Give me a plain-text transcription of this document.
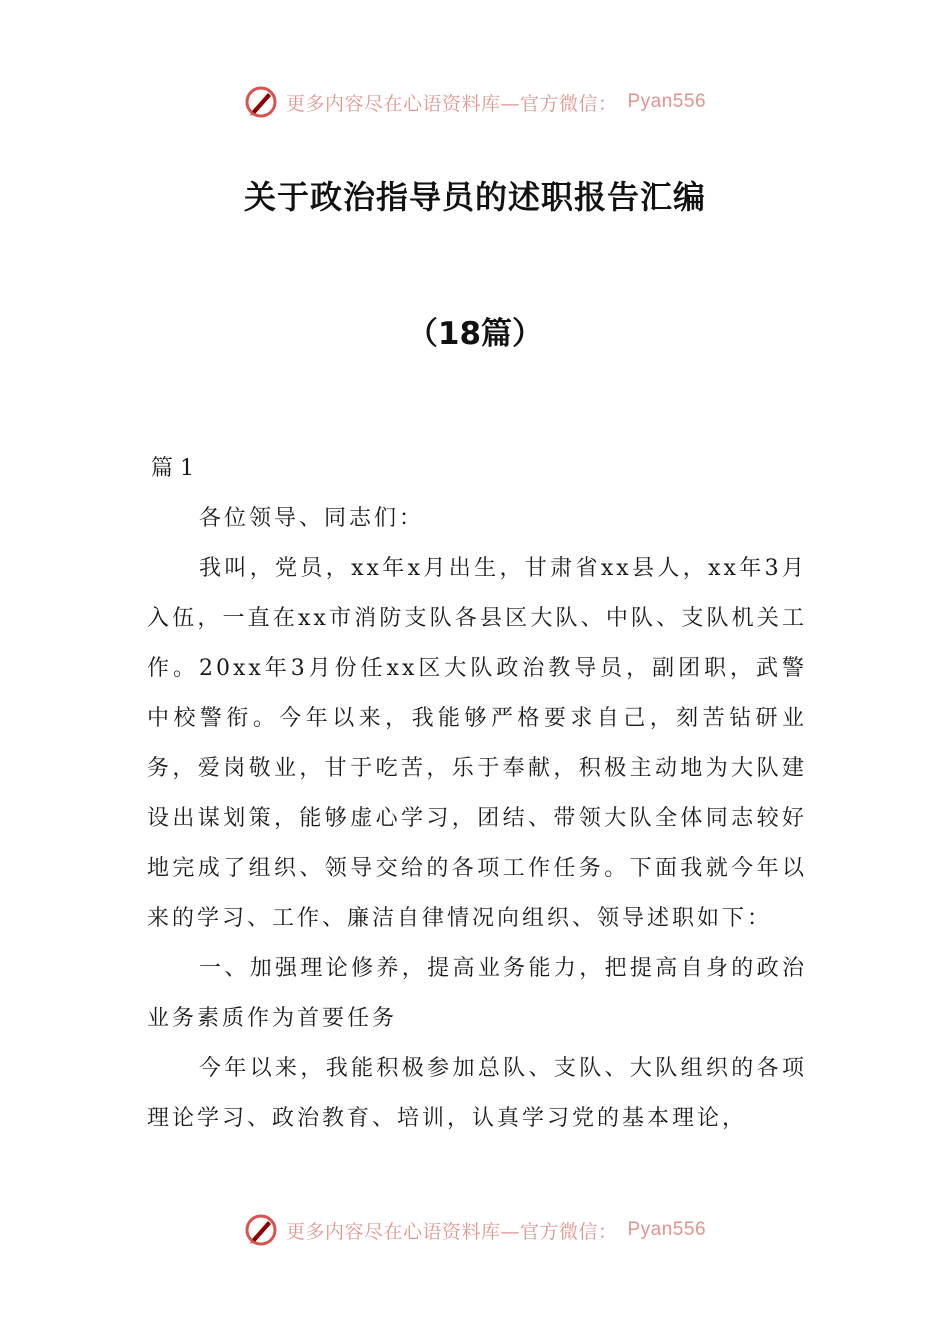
更多内容尽在心语资料库—官方微信： Pyan556
关于政治指导员的述职报告汇编
（18篇）

篇 1

各位领导、同志们：

我叫，党员，xx年x月出生，甘肃省xx县人，xx年3月入伍，一直在xx市消防支队各县区大队、中队、支队机关工作。20xx年3月份任xx区大队政治教导员，副团职，武警中校警衔。今年以来，我能够严格要求自己，刻苦钻研业务，爱岗敬业，甘于吃苦，乐于奉献，积极主动地为大队建设出谋划策，能够虚心学习，团结、带领大队全体同志较好地完成了组织、领导交给的各项工作任务。下面我就今年以来的学习、工作、廉洁自律情况向组织、领导述职如下：

一、加强理论修养，提高业务能力，把提高自身的政治业务素质作为首要任务

今年以来，我能积极参加总队、支队、大队组织的各项理论学习、政治教育、培训，认真学习党的基本理论，

更多内容尽在心语资料库—官方微信： Pyan556
